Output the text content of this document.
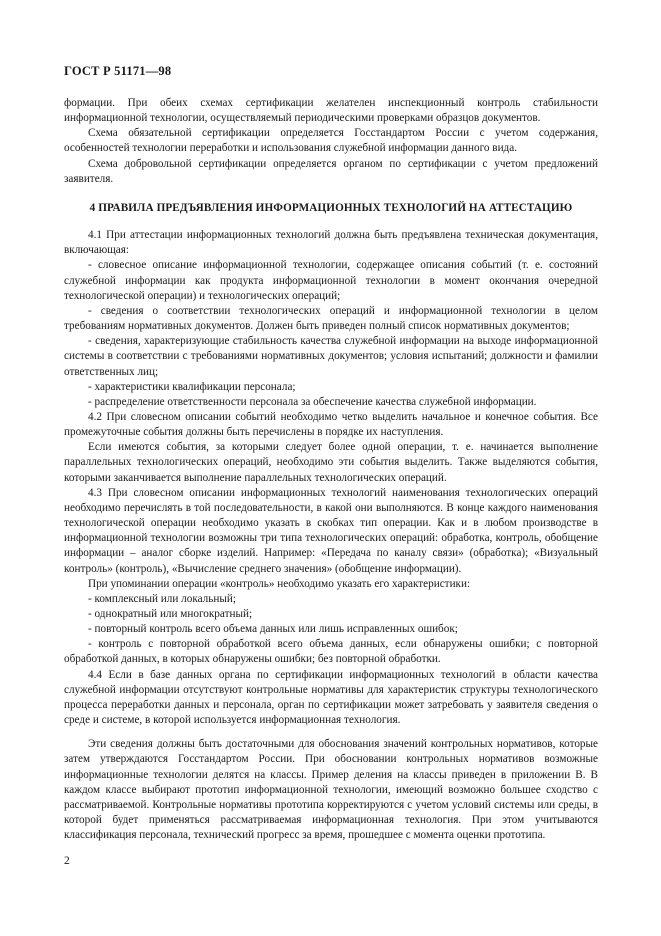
ГОСТ Р 51171—98

формации. При обеих схемах сертификации желателен инспекционный контроль стабильности информационной технологии, осуществляемый периодическими проверками образцов документов.

Схема обязательной сертификации определяется Госстандартом России с учетом содержания, особенностей технологии переработки и использования служебной информации данного вида.

Схема добровольной сертификации определяется органом по сертификации с учетом предложений заявителя.

4 ПРАВИЛА ПРЕДЪЯВЛЕНИЯ ИНФОРМАЦИОННЫХ ТЕХНОЛОГИЙ НА АТТЕСТАЦИЮ

4.1 При аттестации информационных технологий должна быть предъявлена техническая документация, включающая:

- словесное описание информационной технологии, содержащее описания событий (т. е. состояний служебной информации как продукта информационной технологии в момент окончания очередной технологической операции) и технологических операций;

- сведения о соответствии технологических операций и информационной технологии в целом требованиям нормативных документов. Должен быть приведен полный список нормативных документов;

- сведения, характеризующие стабильность качества служебной информации на выходе информационной системы в соответствии с требованиями нормативных документов; условия испытаний; должности и фамилии ответственных лиц;

- характеристики квалификации персонала;

- распределение ответственности персонала за обеспечение качества служебной информации.

4.2 При словесном описании событий необходимо четко выделить начальное и конечное события. Все промежуточные события должны быть перечислены в порядке их наступления.

Если имеются события, за которыми следует более одной операции, т. е. начинается выполнение параллельных технологических операций, необходимо эти события выделить. Также выделяются события, которыми заканчивается выполнение параллельных технологических операций.

4.3 При словесном описании информационных технологий наименования технологических операций необходимо перечислять в той последовательности, в какой они выполняются. В конце каждого наименования технологической операции необходимо указать в скобках тип операции. Как и в любом производстве в информационной технологии возможны три типа технологических операций: обработка, контроль, обобщение информации – аналог сборке изделий. Например: «Передача по каналу связи» (обработка); «Визуальный контроль» (контроль), «Вычисление среднего значения» (обобщение информации).

При упоминании операции «контроль» необходимо указать его характеристики:

- комплексный или локальный;

- однократный или многократный;

- повторный контроль всего объема данных или лишь исправленных ошибок;

- контроль с повторной обработкой всего объема данных, если обнаружены ошибки; с повторной обработкой данных, в которых обнаружены ошибки; без повторной обработки.

4.4 Если в базе данных органа по сертификации информационных технологий в области качества служебной информации отсутствуют контрольные нормативы для характеристик структуры технологического процесса переработки данных и персонала, орган по сертификации может затребовать у заявителя сведения о среде и системе, в которой используется информационная технология.

Эти сведения должны быть достаточными для обоснования значений контрольных нормативов, которые затем утверждаются Госстандартом России. При обосновании контрольных нормативов возможные информационные технологии делятся на классы. Пример деления на классы приведен в приложении В. В каждом классе выбирают прототип информационной технологии, имеющий возможно большее сходство с рассматриваемой. Контрольные нормативы прототипа корректируются с учетом условий системы или среды, в которой будет применяться рассматриваемая информационная технология. При этом учитываются классификация персонала, технический прогресс за время, прошедшее с момента оценки прототипа.

2
